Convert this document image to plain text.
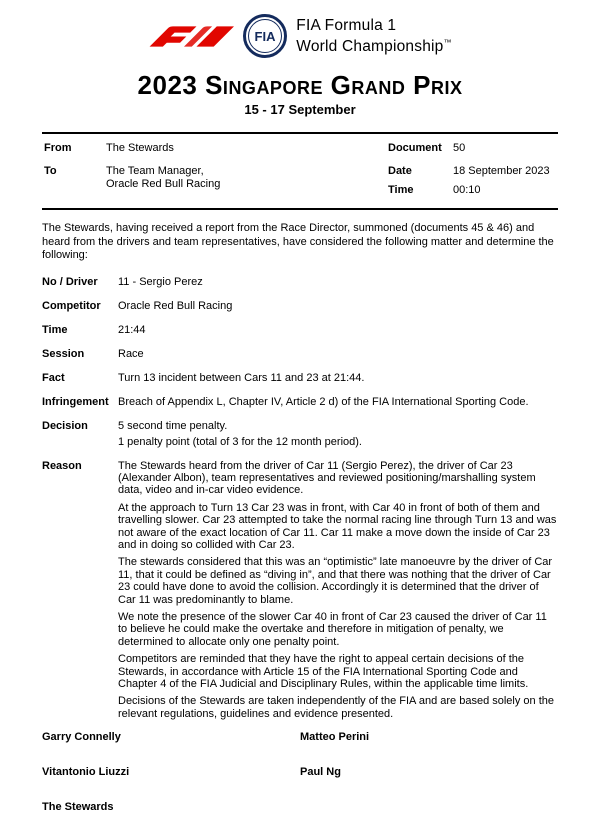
FIA
FIA Formula 1
World Championship™
2023 Singapore Grand Prix
15 - 17 September
From	The Stewards
To	The Team Manager,
Oracle Red Bull Racing
Document	50
Date	18 September 2023
Time	00:10

The Stewards, having received a report from the Race Director, summoned (documents 45 & 46) and heard from the drivers and team representatives, have considered the following matter and determine the following:

No / Driver	11 - Sergio Perez
Competitor	Oracle Red Bull Racing
Time	21:44
Session	Race
Fact	Turn 13 incident between Cars 11 and 23 at 21:44.
Infringement Breach of Appendix L, Chapter IV, Article 2 d) of the FIA International Sporting Code.
Decision	5 second time penalty.

1 penalty point (total of 3 for the 12 month period).

Reason	The Stewards heard from the driver of Car 11 (Sergio Perez), the driver of Car 23 (Alexander Albon), team representatives and reviewed positioning/marshalling system data, video and in-car video evidence.

At the approach to Turn 13 Car 23 was in front, with Car 40 in front of both of them and travelling slower. Car 23 attempted to take the normal racing line through Turn 13 and was not aware of the exact location of Car 11. Car 11 make a move down the inside of Car 23 and in doing so collided with Car 23.

The stewards considered that this was an “optimistic” late manoeuvre by the driver of Car 11, that it could be defined as “diving in”, and that there was nothing that the driver of Car 23 could have done to avoid the collision. Accordingly it is determined that the driver of Car 11 was predominantly to blame.

We note the presence of the slower Car 40 in front of Car 23 caused the driver of Car 11 to believe he could make the overtake and therefore in mitigation of penalty, we determined to allocate only one penalty point.

Competitors are reminded that they have the right to appeal certain decisions of the Stewards, in accordance with Article 15 of the FIA International Sporting Code and Chapter 4 of the FIA Judicial and Disciplinary Rules, within the applicable time limits.

Decisions of the Stewards are taken independently of the FIA and are based solely on the relevant regulations, guidelines and evidence presented.

Garry Connelly	Matteo Perini
Vitantonio Liuzzi	Paul Ng
The Stewards
